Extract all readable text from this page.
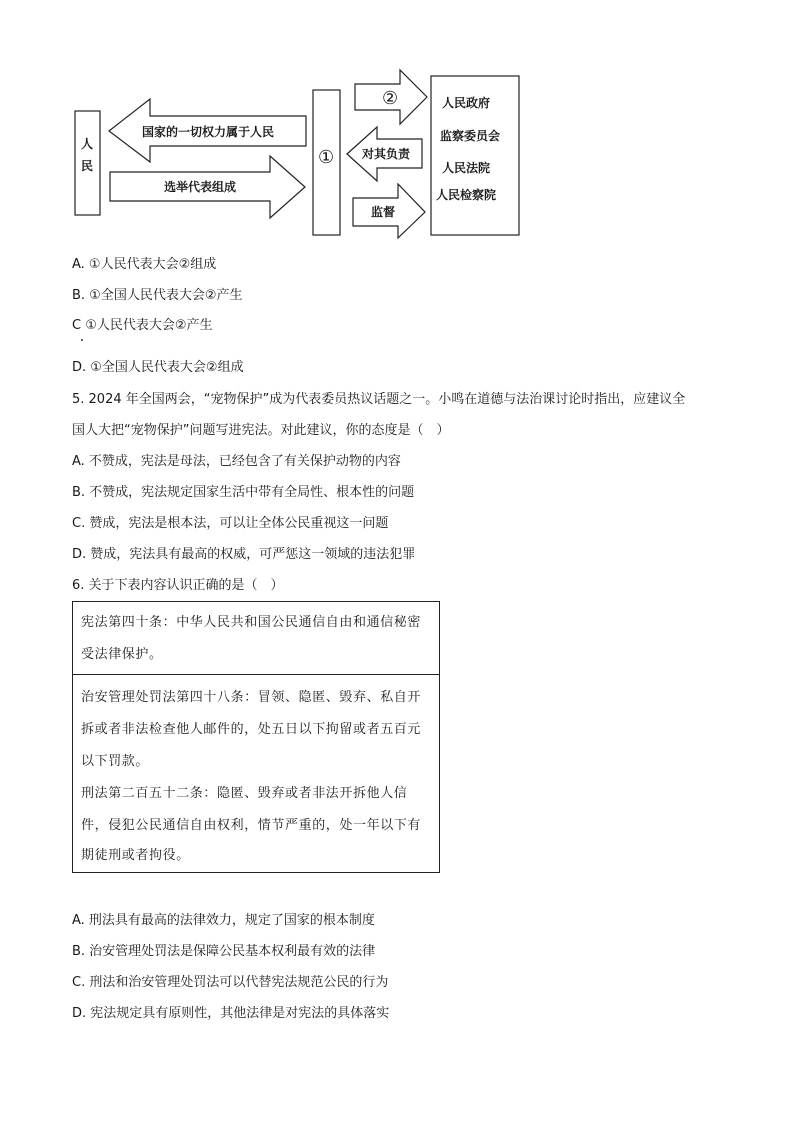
人
民
国家的一切权力属于人民
选举代表组成
①
②
对其负责
监督
人民政府
监察委员会
人民法院
人民检察院
A. ①人民代表大会②组成
B. ①全国人民代表大会②产生
C ①人民代表大会②产生
D. ①全国人民代表大会②组成
5. 2024 年全国两会，“宠物保护”成为代表委员热议话题之一。小鸣在道德与法治课讨论时指出，应建议全
国人大把“宠物保护”问题写进宪法。对此建议，你的态度是（　）
A. 不赞成，宪法是母法，已经包含了有关保护动物的内容
B. 不赞成，宪法规定国家生活中带有全局性、根本性的问题
C. 赞成，宪法是根本法，可以让全体公民重视这一问题
D. 赞成，宪法具有最高的权威，可严惩这一领域的违法犯罪
6. 关于下表内容认识正确的是（　）
宪法第四十条：中华人民共和国公民通信自由和通信秘密
受法律保护。
治安管理处罚法第四十八条：冒领、隐匿、毁弃、私自开
拆或者非法检查他人邮件的，处五日以下拘留或者五百元
以下罚款。
刑法第二百五十二条：隐匿、毁弃或者非法开拆他人信
件，侵犯公民通信自由权利，情节严重的，处一年以下有
期徒刑或者拘役。
A. 刑法具有最高的法律效力，规定了国家的根本制度
B. 治安管理处罚法是保障公民基本权利最有效的法律
C. 刑法和治安管理处罚法可以代替宪法规范公民的行为
D. 宪法规定具有原则性，其他法律是对宪法的具体落实
